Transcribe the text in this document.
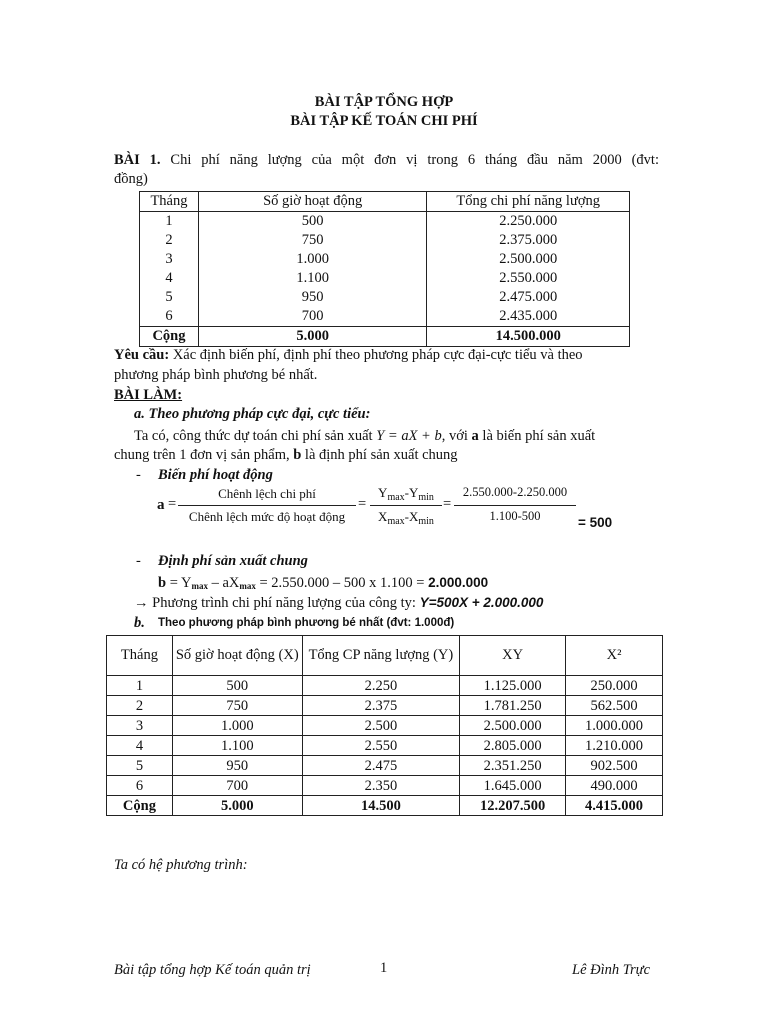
BÀI TẬP TỔNG HỢP
BÀI TẬP KẾ TOÁN CHI PHÍ
BÀI 1. Chi phí năng lượng của một đơn vị trong 6 tháng đầu năm 2000 (đvt:
đồng)
Tháng	Số giờ hoạt động	Tổng chi phí năng lượng
1	500	2.250.000
2	750	2.375.000
3	1.000	2.500.000
4	1.100	2.550.000
5	950	2.475.000
6	700	2.435.000
Cộng	5.000	14.500.000
Yêu cầu: Xác định biến phí, định phí theo phương pháp cực đại-cực tiểu và theo
phương pháp bình phương bé nhất.
BÀI LÀM:
a. Theo phương pháp cực đại, cực tiểu:
Ta có, công thức dự toán chi phí sản xuất Y = aX + b, với a là biến phí sản xuất
chung trên 1 đơn vị sản phẩm, b là định phí sản xuất chung
- Biến phí hoạt động
a =
Chênh lệch chi phí
Chênh lệch mức độ hoạt động
=
$Y_{max}-Y_{min}$
$X_{max}-X_{min}$
=
2.550.000-2.250.000
1.100-500	= 500
- Định phí sản xuất chung
b = Ymax – aXmax = 2.550.000 – 500 x 1.100 = 2.000.000
→ Phương trình chi phí năng lượng của công ty: Y=500X + 2.000.000
b. Theo phương pháp bình phương bé nhất (đvt: 1.000đ)
Tháng	Số giờ hoạt động (X)	Tổng CP năng lượng (Y)	XY	X²
1	500	2.250	1.125.000	250.000
2	750	2.375	1.781.250	562.500
3	1.000	2.500	2.500.000	1.000.000
4	1.100	2.550	2.805.000	1.210.000
5	950	2.475	2.351.250	902.500
6	700	2.350	1.645.000	490.000
Cộng	5.000	14.500	12.207.500	4.415.000
Ta có hệ phương trình:
Bài tập tổng hợp Kế toán quản trị	1	Lê Đình Trực
